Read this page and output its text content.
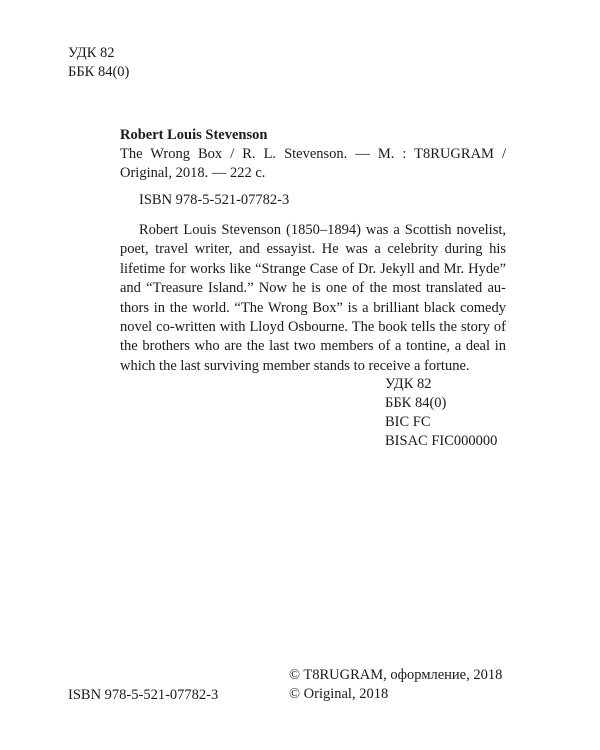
УДК 82

ББК 84(0)

Robert Louis Stevenson

The Wrong Box / R. L. Stevenson. — M. : T8RUGRAM / Original, 2018. — 222 c.

ISBN 978-5-521-07782-3

Robert Louis Stevenson (1850–1894) was a Scottish novelist, poet, travel writer, and essayist. He was a celebrity during his lifetime for works like “Strange Case of Dr. Jekyll and Mr. Hyde” and “Treasure Island.” Now he is one of the most translated authors in the world. “The Wrong Box” is a brilliant black comedy novel co-written with Lloyd Osbourne. The book tells the story of the brothers who are the last two members of a tontine, a deal in which the last surviving member stands to receive a fortune.

УДК 82
ББК 84(0)
BIC FC
BISAC FIC000000

ISBN 978-5-521-07782-3

© T8RUGRAM, оформление, 2018
© Original, 2018
